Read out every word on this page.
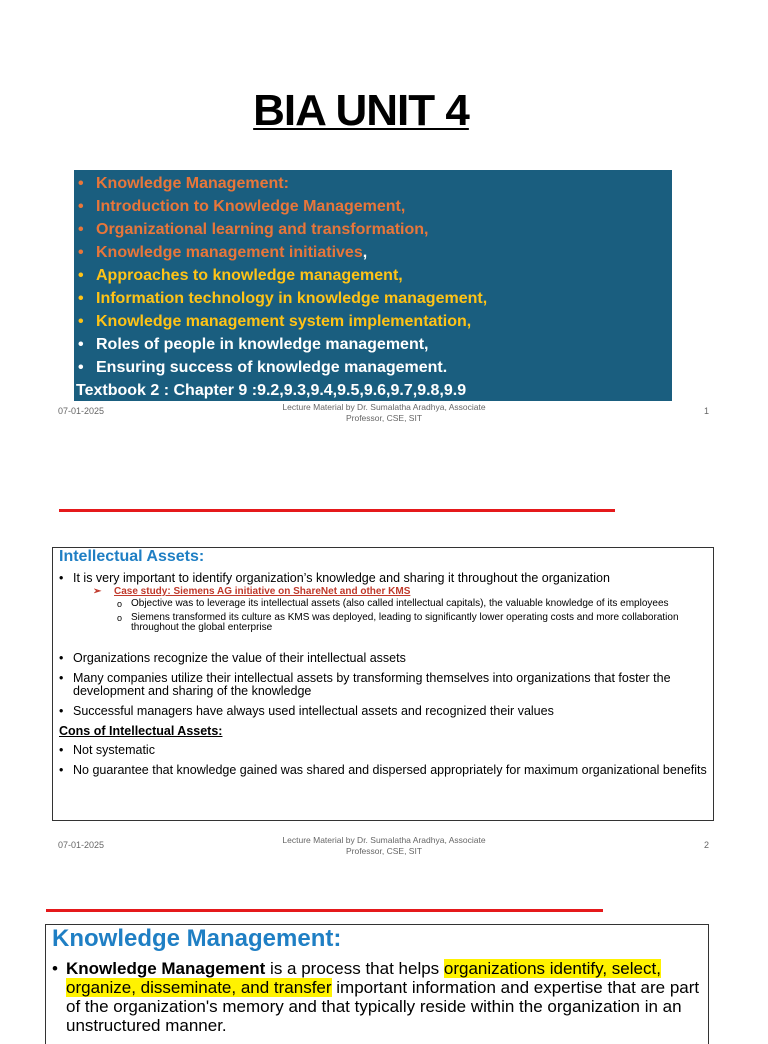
BIA UNIT 4
• Knowledge Management:
• Introduction to Knowledge Management,
• Organizational learning and transformation,
• Knowledge management initiatives,
• Approaches to knowledge management,
• Information technology in knowledge management,
• Knowledge management system implementation,
• Roles of people in knowledge management,
• Ensuring success of knowledge management.
Textbook 2 : Chapter 9 :9.2,9.3,9.4,9.5,9.6,9.7,9.8,9.9
07-01-2025	Lecture Material by Dr. Sumalatha Aradhya, Associate
Professor, CSE, SIT
1
Intellectual Assets:
• It is very important to identify organization’s knowledge and sharing it throughout the organization
➢ Case study: Siemens AG initiative on ShareNet and other KMS
o Objective was to leverage its intellectual assets (also called intellectual capitals), the valuable knowledge of its employees
o Siemens transformed its culture as KMS was deployed, leading to significantly lower operating costs and more collaboration throughout the global enterprise
• Organizations recognize the value of their intellectual assets
• Many companies utilize their intellectual assets by transforming themselves into organizations that foster the development and sharing of the knowledge
• Successful managers have always used intellectual assets and recognized their values
Cons of Intellectual Assets:
• Not systematic
• No guarantee that knowledge gained was shared and dispersed appropriately for maximum organizational benefits
07-01-2025	Lecture Material by Dr. Sumalatha Aradhya, Associate
Professor, CSE, SIT
2
Knowledge Management:
• Knowledge Management is a process that helps organizations identify, select, organize, disseminate, and transfer important information and expertise that are part of the organization's memory and that typically reside within the organization in an unstructured manner.
